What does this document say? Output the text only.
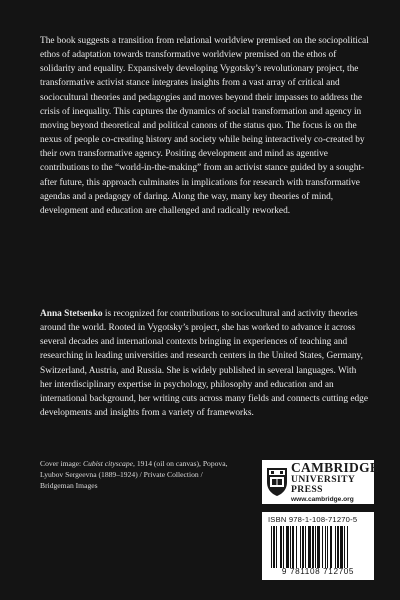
The book suggests a transition from relational worldview premised on the sociopolitical ethos of adaptation towards transformative worldview premised on the ethos of solidarity and equality. Expansively developing Vygotsky’s revolutionary project, the transformative activist stance integrates insights from a vast array of critical and sociocultural theories and pedagogies and moves beyond their impasses to address the crisis of inequality. This captures the dynamics of social transformation and agency in moving beyond theoretical and political canons of the status quo. The focus is on the nexus of people co-creating history and society while being interactively co-created by their own transformative agency. Positing development and mind as agentive contributions to the “world-in-the-making” from an activist stance guided by a sought-after future, this approach culminates in implications for research with transformative agendas and a pedagogy of daring. Along the way, many key theories of mind, development and education are challenged and radically reworked.

Anna Stetsenko is recognized for contributions to sociocultural and activity theories around the world. Rooted in Vygotsky’s project, she has worked to advance it across several decades and international contexts bringing in experiences of teaching and researching in leading universities and research centers in the United States, Germany, Switzerland, Austria, and Russia. She is widely published in several languages. With her interdisciplinary expertise in psychology, philosophy and education and an international background, her writing cuts across many fields and connects cutting edge developments and insights from a variety of frameworks.

Cover image: Cubist cityscape, 1914 (oil on canvas), Popova, Lyubov Sergeevna (1889–1924) / Private Collection / Bridgeman Images

CAMBRIDGE
UNIVERSITY PRESS
www.cambridge.org
ISBN 978-1-108-71270-5
9 781108 712705
